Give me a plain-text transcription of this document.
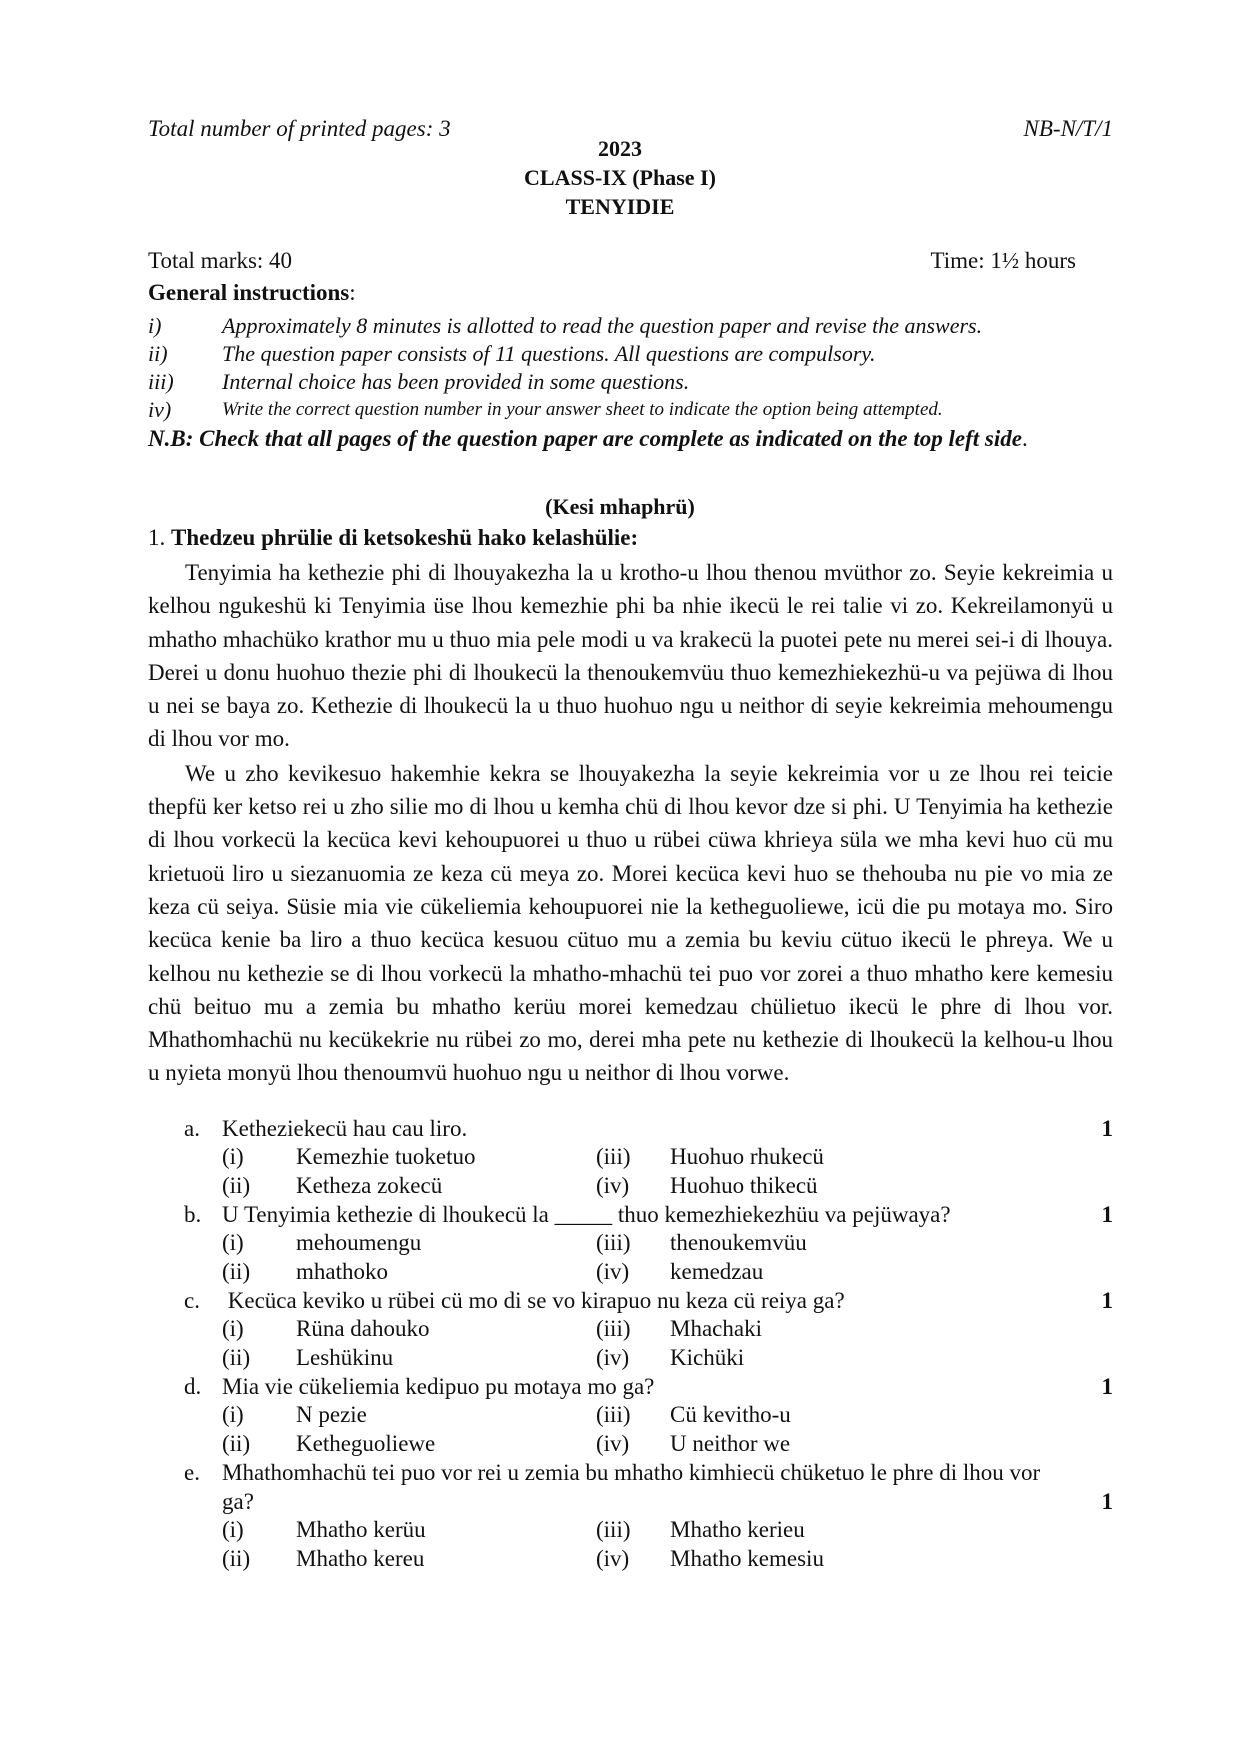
Total number of printed pages: 3	NB-N/T/1
2023
CLASS-IX (Phase I)
TENYIDIE
Total marks: 40	Time: 1½ hours
General instructions:
i)	Approximately 8 minutes is allotted to read the question paper and revise the answers.
ii)	The question paper consists of 11 questions. All questions are compulsory.
iii)	Internal choice has been provided in some questions.
iv)	Write the correct question number in your answer sheet to indicate the option being attempted.
N.B: Check that all pages of the question paper are complete as indicated on the top left side.
(Kesi mhaphrü)
1. Thedzeu phrülie di ketsokeshü hako kelashülie:

Tenyimia ha kethezie phi di lhouyakezha la u krotho-u lhou thenou mvüthor zo. Seyie kekreimia u kelhou ngukeshü ki Tenyimia üse lhou kemezhie phi ba nhie ikecü le rei talie vi zo. Kekreilamonyü u mhatho mhachüko krathor mu u thuo mia pele modi u va krakecü la puotei pete nu merei sei-i di lhouya. Derei u donu huohuo thezie phi di lhoukecü la thenoukemvüu thuo kemezhiekezhü-u va pejüwa di lhou u nei se baya zo. Kethezie di lhoukecü la u thuo huohuo ngu u neithor di seyie kekreimia mehoumengu di lhou vor mo.

We u zho kevikesuo hakemhie kekra se lhouyakezha la seyie kekreimia vor u ze lhou rei teicie thepfü ker ketso rei u zho silie mo di lhou u kemha chü di lhou kevor dze si phi. U Tenyimia ha kethezie di lhou vorkecü la kecüca kevi kehoupuorei u thuo u rübei cüwa khrieya süla we mha kevi huo cü mu krietuoü liro u siezanuomia ze keza cü meya zo. Morei kecüca kevi huo se thehouba nu pie vo mia ze keza cü seiya. Süsie mia vie cükeliemia kehoupuorei nie la ketheguoliewe, icü die pu motaya mo. Siro kecüca kenie ba liro a thuo kecüca kesuou cütuo mu a zemia bu keviu cütuo ikecü le phreya. We u kelhou nu kethezie se di lhou vorkecü la mhatho-mhachü tei puo vor zorei a thuo mhatho kere kemesiu chü beituo mu a zemia bu mhatho kerüu morei kemedzau chülietuo ikecü le phre di lhou vor. Mhathomhachü nu kecükekrie nu rübei zo mo, derei mha pete nu kethezie di lhoukecü la kelhou-u lhou u nyieta monyü lhou thenoumvü huohuo ngu u neithor di lhou vorwe.

a. Ketheziekecü hau cau liro.	1
(i)	Kemezhie tuoketuo	(iii)	Huohuo rhukecü
(ii)	Ketheza zokecü	(iv)	Huohuo thikecü
b. U Tenyimia kethezie di lhoukecü la _____ thuo kemezhiekezhüu va pejüwaya?	1
(i)	mehoumengu	(iii)	thenoukemvüu
(ii)	mhathoko	(iv)	kemedzau
c. Kecüca keviko u rübei cü mo di se vo kirapuo nu keza cü reiya ga?	1
(i)	Rüna dahouko	(iii)	Mhachaki
(ii)	Leshükinu	(iv)	Kichüki
d. Mia vie cükeliemia kedipuo pu motaya mo ga?	1
(i)	N pezie	(iii)	Cü kevitho-u
(ii)	Ketheguoliewe	(iv)	U neithor we
e. Mhathomhachü tei puo vor rei u zemia bu mhatho kimhiecü chüketuo le phre di lhou vor
ga?	1
(i)	Mhatho kerüu	(iii)	Mhatho kerieu
(ii)	Mhatho kereu	(iv)	Mhatho kemesiu
